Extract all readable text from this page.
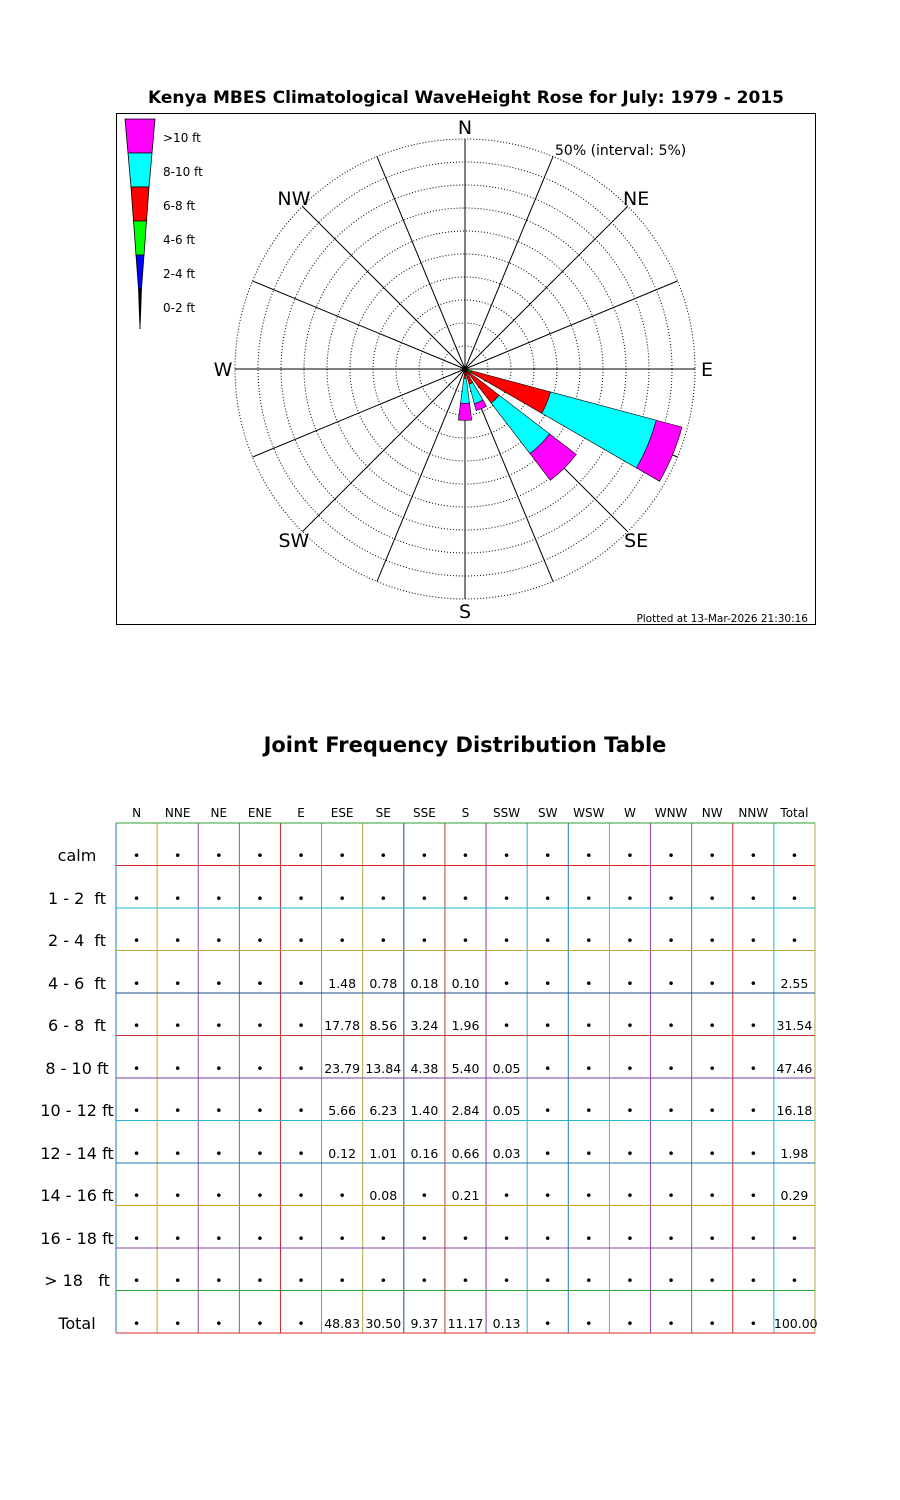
Kenya MBES Climatological WaveHeight Rose for July: 1979 - 2015
N
NE
E
SE
S
SW
W
NW
50% (interval: 5%)
Plotted at 13-Mar-2026 21:30:16
>10 ft
8-10 ft
6-8 ft
4-6 ft
2-4 ft
0-2 ft
Joint Frequency Distribution Table
N	NNE	NE	ENE	E	ESE	SE	SSE	S	SSW	SW	WSW	W	WNW	NW	NNW	Total
calm	•	•	•	•	•	•	•	•	•	•	•	•	•	•	•	•	•
1 - 2  ft	•	•	•	•	•	•	•	•	•	•	•	•	•	•	•	•	•
2 - 4  ft	•	•	•	•	•	•	•	•	•	•	•	•	•	•	•	•	•
4 - 6  ft	•	•	•	•	•	1.48	0.78	0.18	0.10	•	•	•	•	•	•	•	2.55
6 - 8  ft	•	•	•	•	•	17.78 8.56	3.24	1.96	•	•	•	•	•	•	•	31.54
8 - 10 ft	•	•	•	•	•	23.79 13.84 4.38	5.40	0.05	•	•	•	•	•	•	47.46
10 - 12 ft	•	•	•	•	•	5.66	6.23	1.40	2.84	0.05	•	•	•	•	•	•	16.18
12 - 14 ft	•	•	•	•	•	0.12	1.01	0.16	0.66	0.03	•	•	•	•	•	•	1.98
14 - 16 ft	•	•	•	•	•	•	0.08	•	0.21	•	•	•	•	•	•	•	0.29
16 - 18 ft	•	•	•	•	•	•	•	•	•	•	•	•	•	•	•	•	•
> 18   ft	•	•	•	•	•	•	•	•	•	•	•	•	•	•	•	•	•
Total	•	•	•	•	•	48.83 30.50 9.37 11.17 0.13	•	•	•	•	•	•	100.00
